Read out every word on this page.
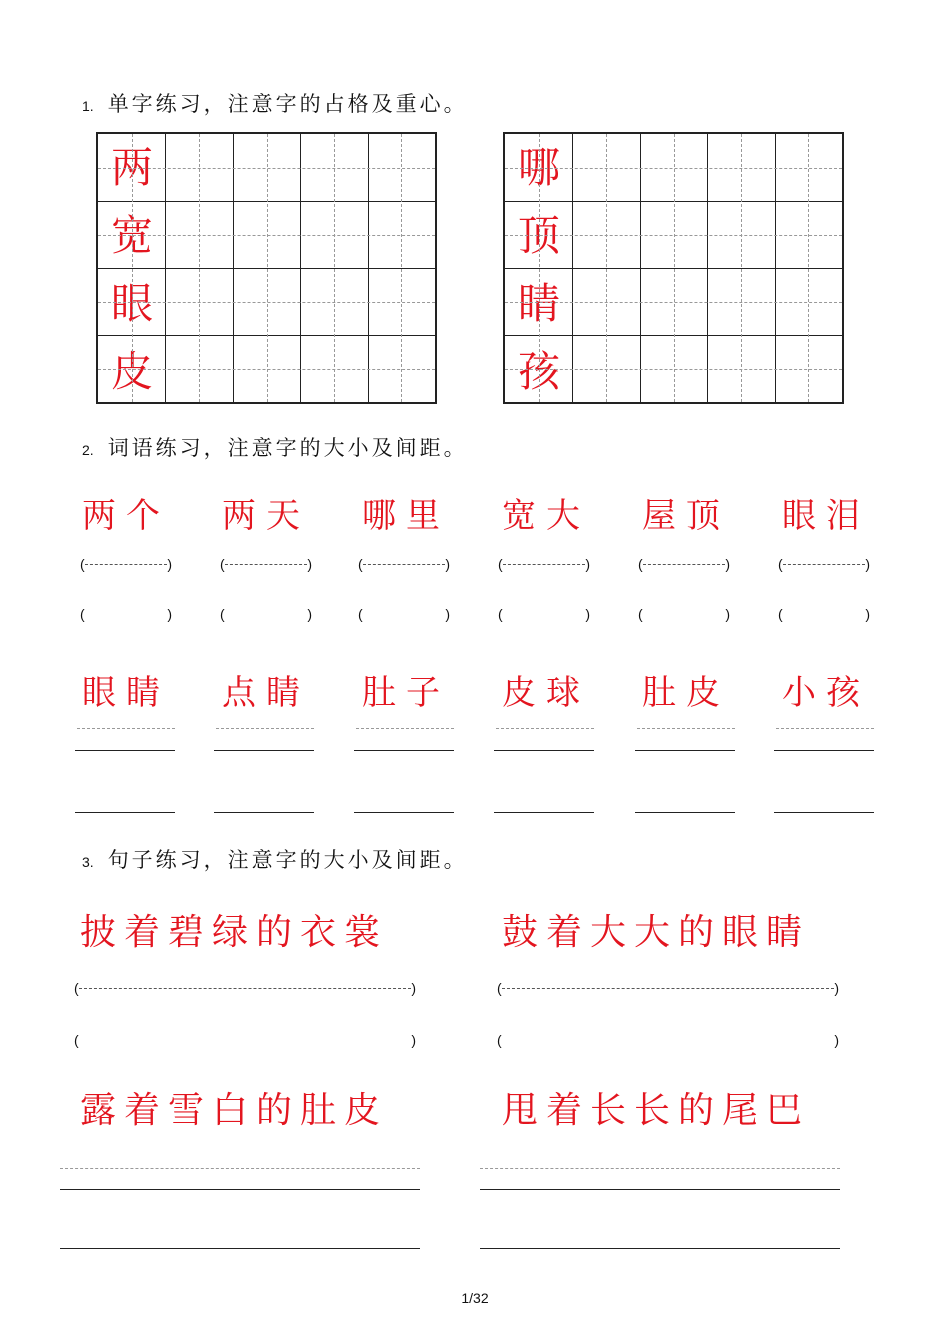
1. 单字练习，注意字的占格及重心。
两
宽
眼
皮
哪
顶
睛
孩
2. 词语练习，注意字的大小及间距。
两个 两天 哪里 宽大 屋顶 眼泪
(	)
(	)
(	)
(	)
(	)
(	)
(	)
(	)
(	)
(	)
(	)
(	)
眼睛 点睛 肚子 皮球 肚皮 小孩
3. 句子练习，注意字的大小及间距。
披着碧绿的衣裳	鼓着大大的眼睛
(	)
(	)
(	)
(	)
露着雪白的肚皮	甩着长长的尾巴
1/32
